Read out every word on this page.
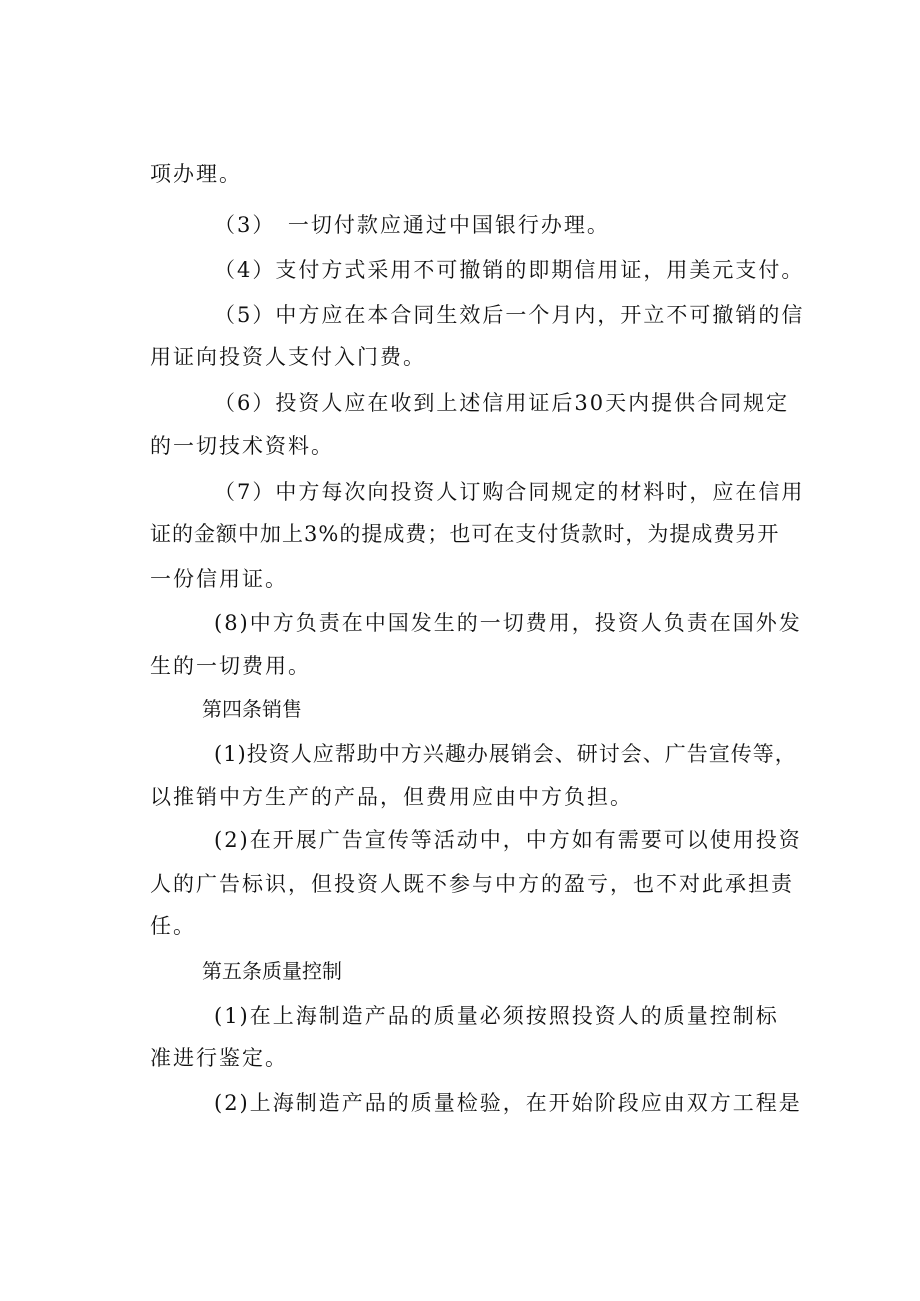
项办理。
（3）　一切付款应通过中国银行办理。
（4）支付方式采用不可撤销的即期信用证，用美元支付。
（5）中方应在本合同生效后一个月内，开立不可撤销的信
用证向投资人支付入门费。
（6）投资人应在收到上述信用证后30天内提供合同规定
的一切技术资料。
（7）中方每次向投资人订购合同规定的材料时，应在信用
证的金额中加上3%的提成费；也可在支付货款时，为提成费另开
一份信用证。
(8)中方负责在中国发生的一切费用，投资人负责在国外发
生的一切费用。
第四条销售
(1)投资人应帮助中方兴趣办展销会、研讨会、广告宣传等，
以推销中方生产的产品，但费用应由中方负担。
(2)在开展广告宣传等活动中，中方如有需要可以使用投资
人的广告标识，但投资人既不参与中方的盈亏，也不对此承担责
任。
第五条质量控制
(1)在上海制造产品的质量必须按照投资人的质量控制标
准进行鉴定。
(2)上海制造产品的质量检验，在开始阶段应由双方工程是
